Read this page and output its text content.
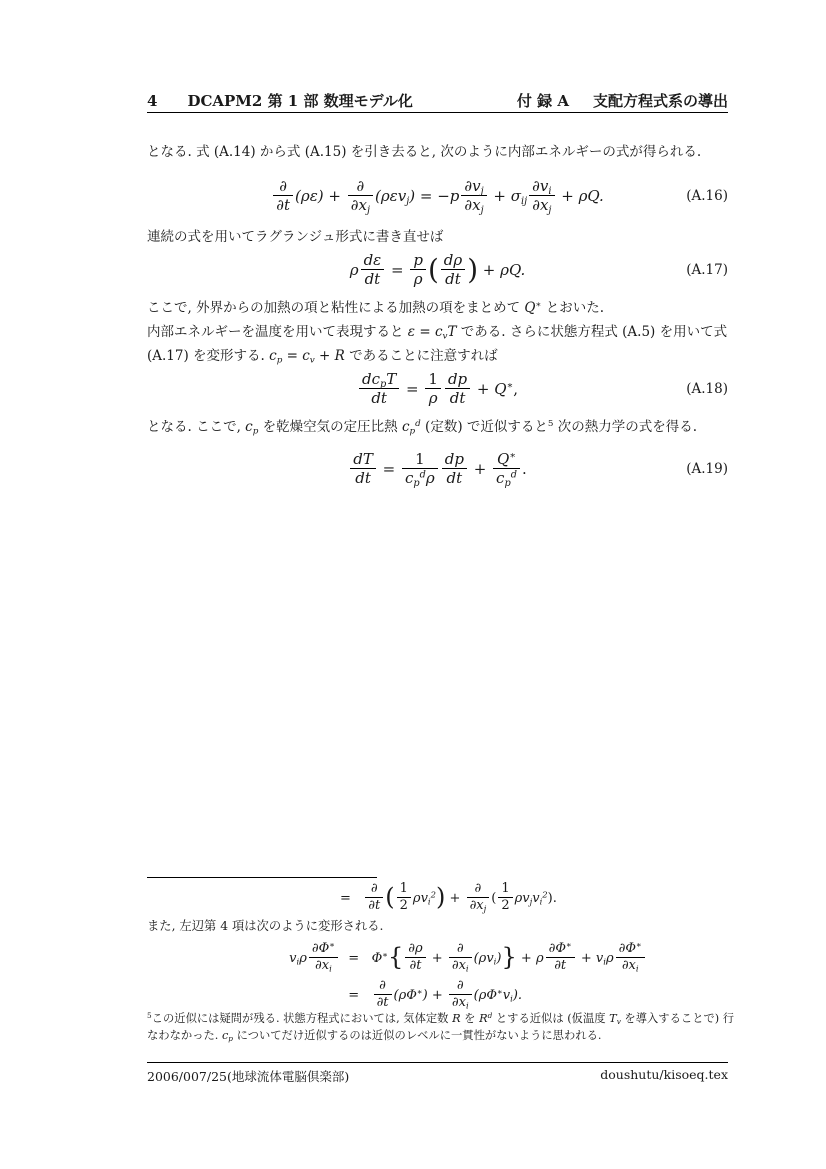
4 DCAPM2 第 1 部 数理モデル化	付 録 A 支配方程式系の導出
となる. 式 (A.14) から式 (A.15) を引き去ると, 次のように内部エネルギーの式が得られる.
$\frac{\partial}{\partial t} (\rho\varepsilon) + \frac{\partial}{\partial x_j} (\rho\varepsilon v_j$ ) = $-p \frac{\partial v_j}{\partial x_j} + \sigma_{ij} \frac{\partial v_i}{\partial x_j} + \rho Q$.	(A.16)
連続の式を用いてラグランジュ形式に書き直せば
ρ $\frac{d\varepsilon}{dt} = \frac{p}{\rho}$ ( $\frac{d\rho}{dt}$ ) + ρQ.	(A.17)
ここで, 外界からの加熱の項と粘性による加熱の項をまとめて Q∗ とおいた.
内部エネルギーを温度を用いて表現すると $\varepsilon = c_vT$ である. さらに状態方程式 (A.5) を用いて式
(A.17) を変形する. $c_p = c_v + R$ であることに注意すれば
$\frac{dc_pT}{dt} = \frac{1}{\rho} \frac{dp}{dt} + Q^∗$ ,	(A.18)
となる. ここで, $c_p$ を乾燥空気の定圧比熱 $c_p^d$ (定数) で近似すると$^5$ 次の熱力学の式を得る.
$\frac{dT}{dt} = \frac{1}{c_p^d\rho} \frac{dp}{dt} + \frac{Q^∗}{c_p^d}$ .	(A.19)
= $\frac{\partial}{\partial t}$ ( $\frac{1}{2} \rho v_i^2$ ) + $\frac{\partial}{\partial x_j}$ ( $\frac{1}{2} \rho v_j$ $v_i^2$ ).
また, 左辺第 4 項は次のように変形される.
$v_i$ ρ $\frac{\partial\Phi^∗}{\partial x_i} = \Phi^∗$ { $\frac{\partial\rho}{\partial t} + \frac{\partial}{\partial x_i} (\rho v_i$ ) } + ρ $\frac{\partial\Phi^∗}{\partial t} + v_i$ ρ $\frac{\partial\Phi^∗}{\partial x_i}$
= $\frac{\partial}{\partial t} (\rho\Phi^∗$ ) + $\frac{\partial}{\partial x_i} (\rho\Phi^∗$ $v_i$ ).
$^5$この近似には疑問が残る. 状態方程式においては, 気体定数 R を $R^d$ とする近似は (仮温度 $T_v$ を導入することで) 行
なわなかった. $c_p$ についてだけ近似するのは近似のレベルに一貫性がないように思われる.
2006/007/25(地球流体電脳倶楽部)	doushutu/kisoeq.tex
